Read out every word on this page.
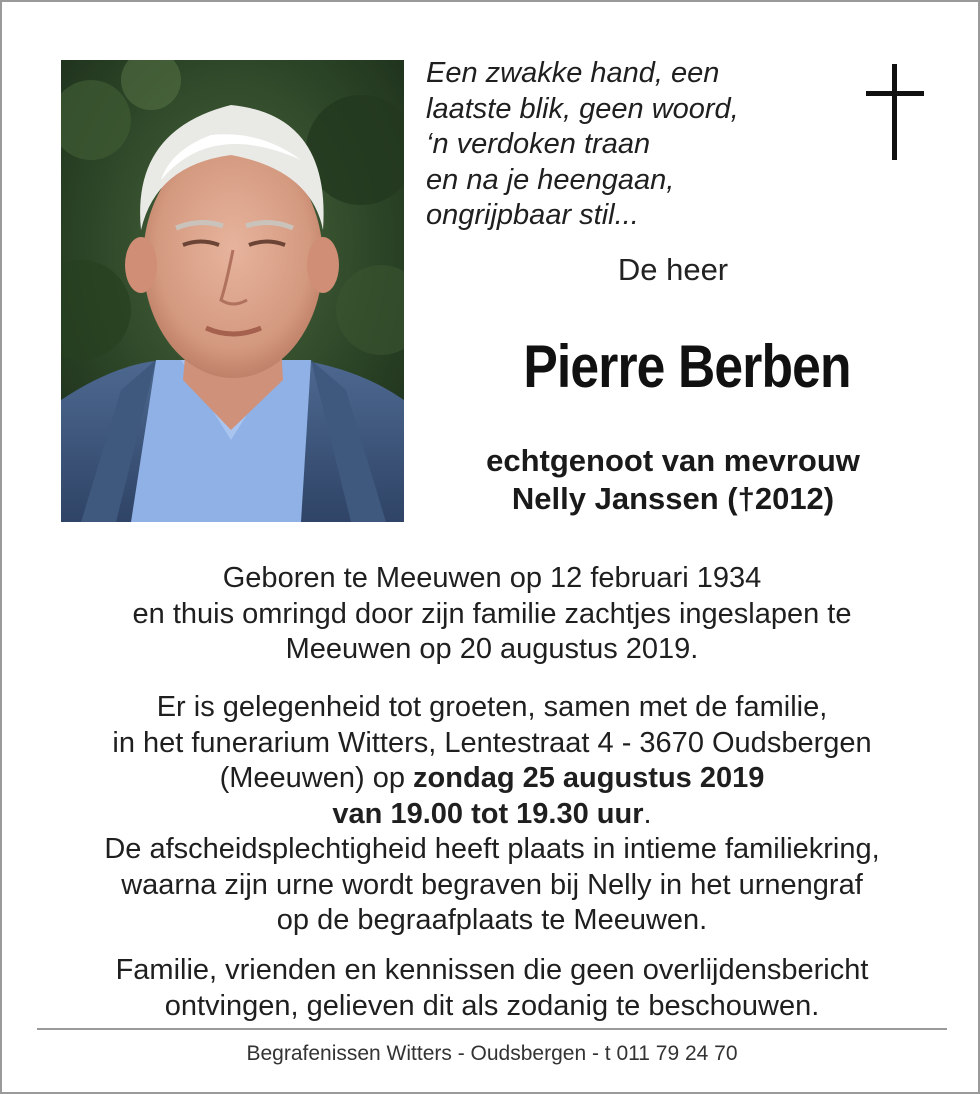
Een zwakke hand, een
laatste blik, geen woord,
‘n verdoken traan
en na je heengaan,
ongrijpbaar stil...
De heer
Pierre Berben
echtgenoot van mevrouw
Nelly Janssen (†2012)
Geboren te Meeuwen op 12 februari 1934
en thuis omringd door zijn familie zachtjes ingeslapen te
Meeuwen op 20 augustus 2019.
Er is gelegenheid tot groeten, samen met de familie,
in het funerarium Witters, Lentestraat 4 - 3670 Oudsbergen
(Meeuwen) op zondag 25 augustus 2019
van 19.00 tot 19.30 uur.
De afscheidsplechtigheid heeft plaats in intieme familiekring,
waarna zijn urne wordt begraven bij Nelly in het urnengraf
op de begraafplaats te Meeuwen.
Familie, vrienden en kennissen die geen overlijdensbericht
ontvingen, gelieven dit als zodanig te beschouwen.
Begrafenissen Witters - Oudsbergen - t 011 79 24 70
